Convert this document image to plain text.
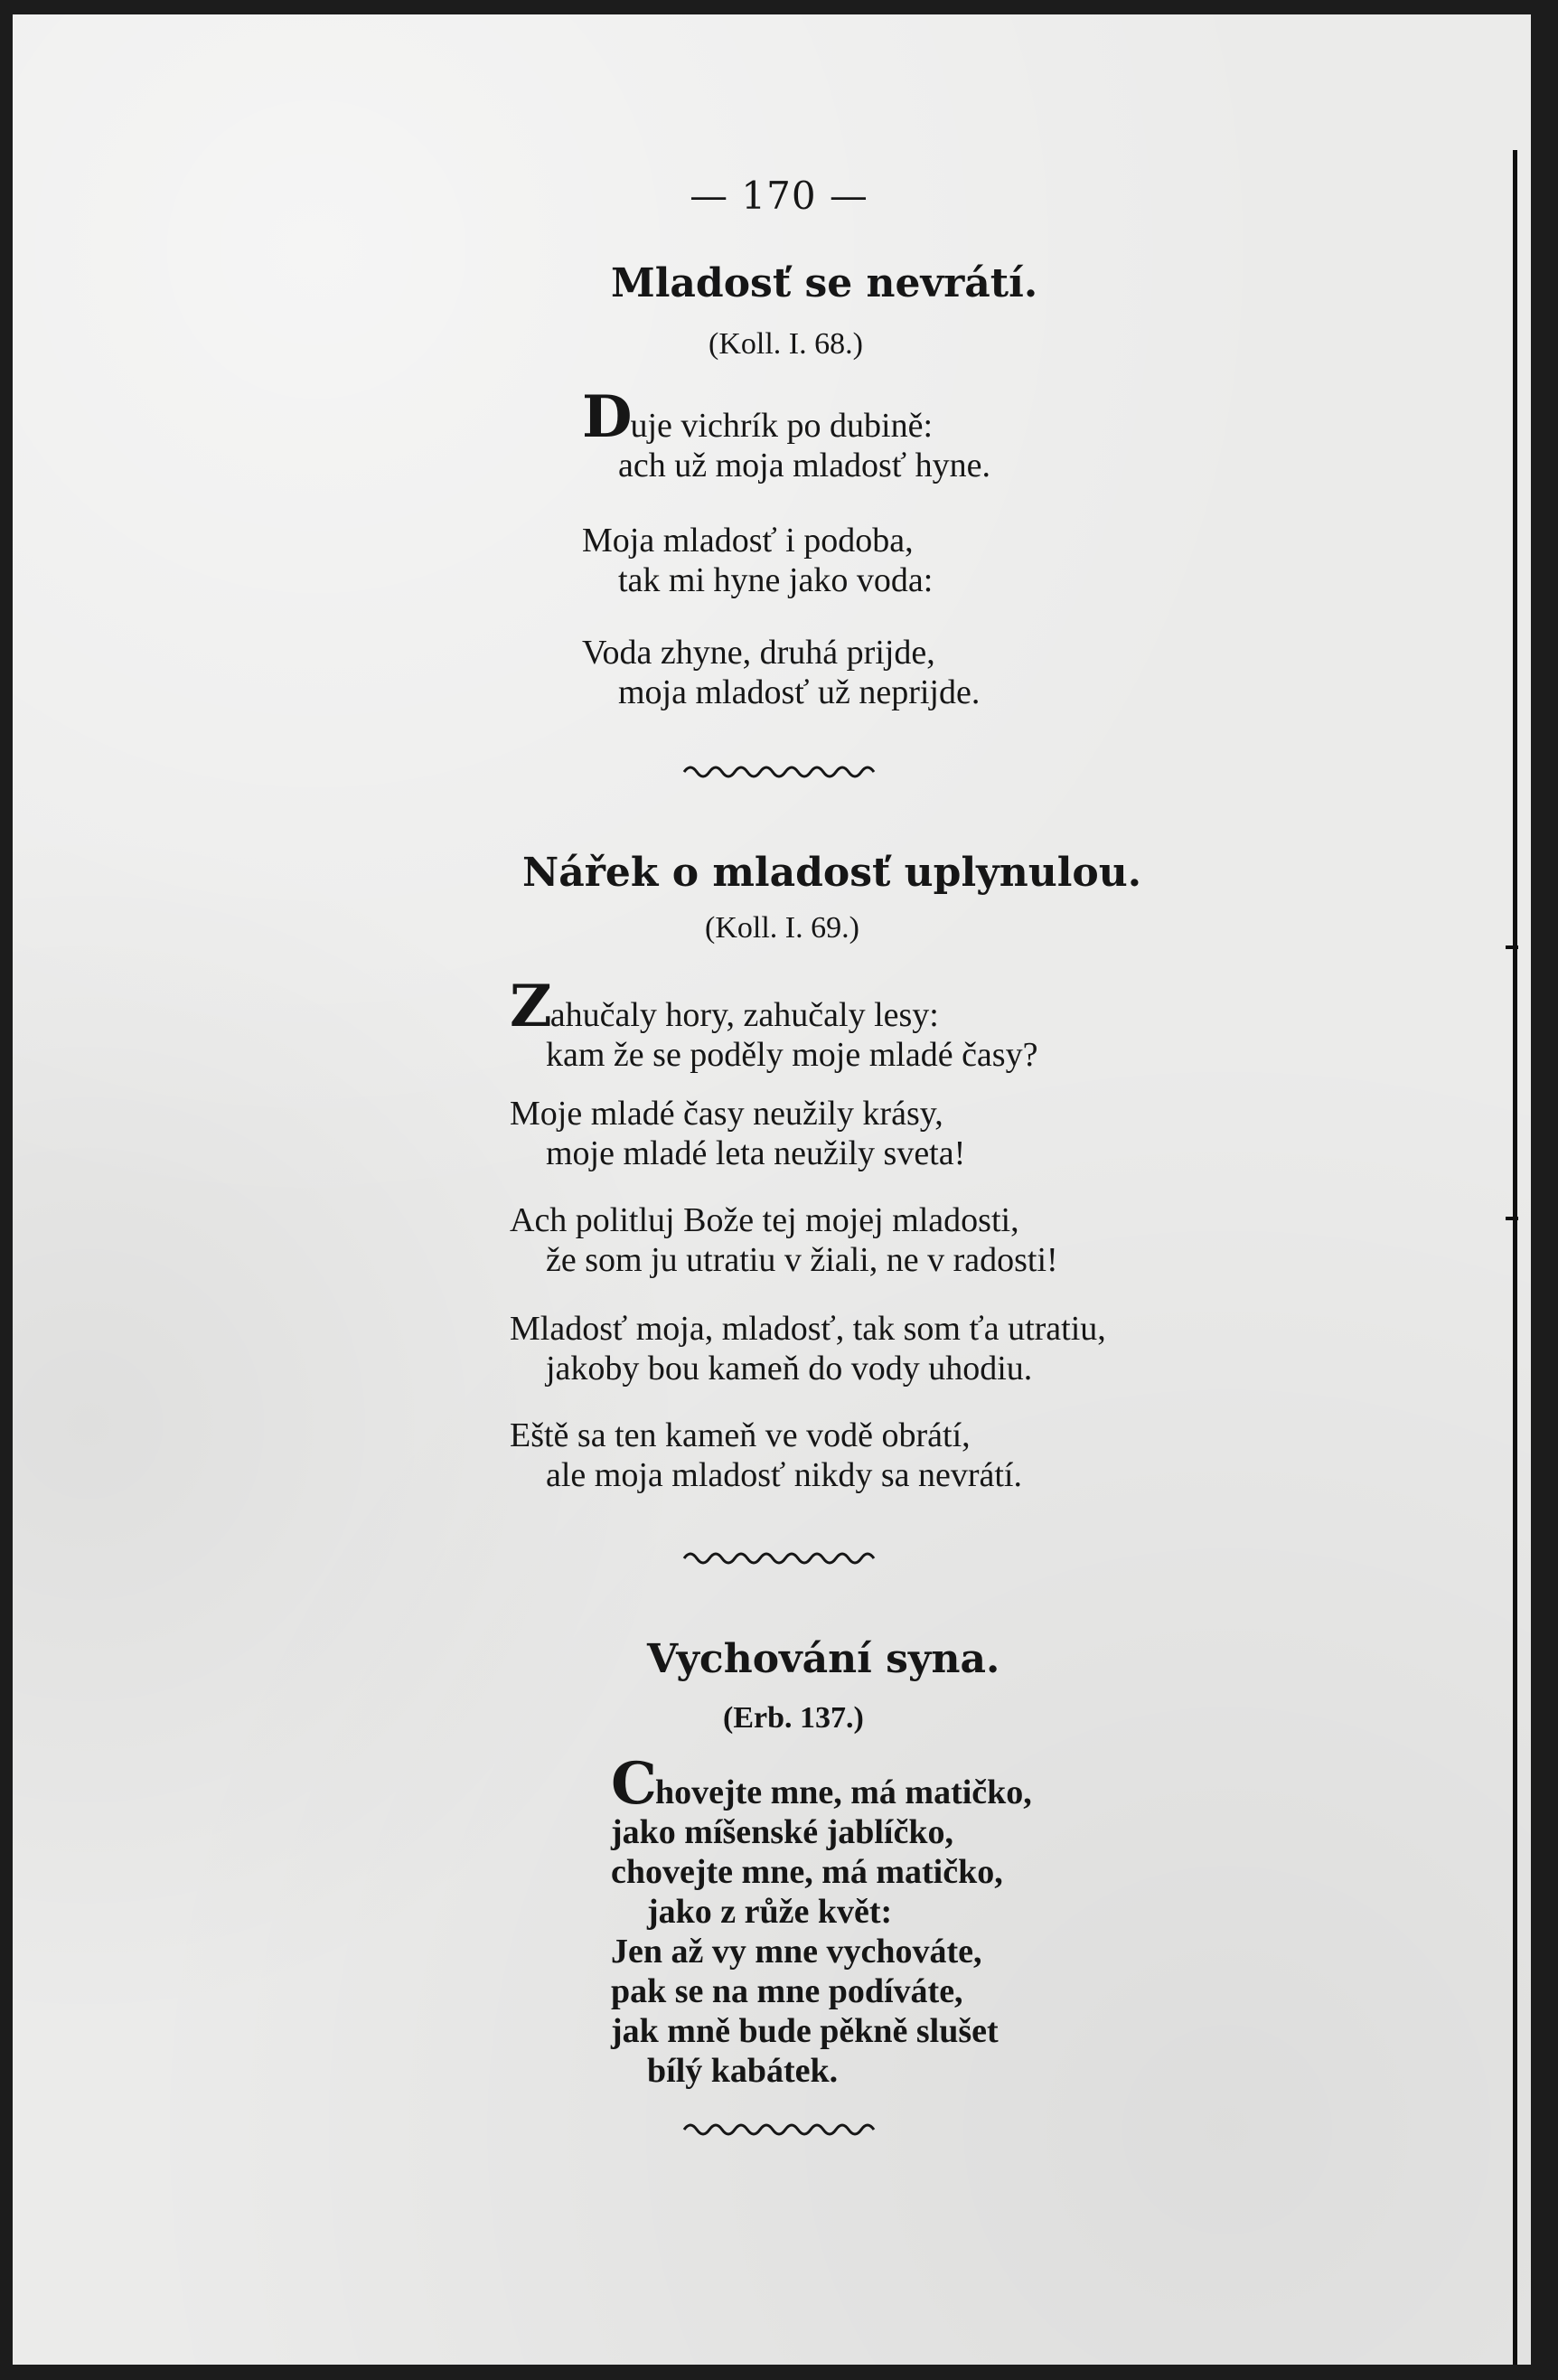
— 170 —
Mladosť se nevrátí.
(Koll. I. 68.)
Duje vichrík po dubině:
ach už moja mladosť hyne.
Moja mladosť i podoba,
tak mi hyne jako voda:
Voda zhyne, druhá prijde,
moja mladosť už neprijde.
Nářek o mladosť uplynulou.
(Koll. I. 69.)
Zahučaly hory, zahučaly lesy:
kam že se poděly moje mladé časy?
Moje mladé časy neužily krásy,
moje mladé leta neužily sveta!
Ach politluj Bože tej mojej mladosti,
že som ju utratiu v žiali, ne v radosti!
Mladosť moja, mladosť, tak som ťa utratiu,
jakoby bou kameň do vody uhodiu.
Eště sa ten kameň ve vodě obrátí,
ale moja mladosť nikdy sa nevrátí.
Vychování syna.
(Erb. 137.)
Chovejte mne, má matičko,
jako míšenské jablíčko,
chovejte mne, má matičko,
jako z růže květ:
Jen až vy mne vychováte,
pak se na mne podíváte,
jak mně bude pěkně slušet
bílý kabátek.
